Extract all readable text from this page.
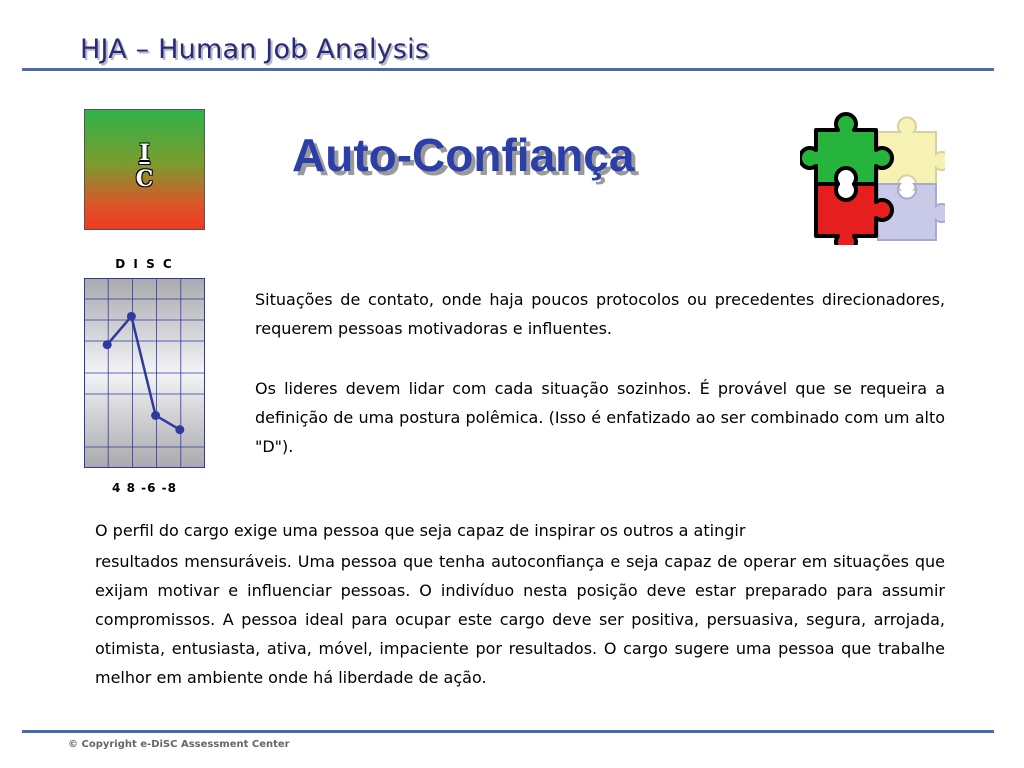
HJA – Human Job Analysis
I
C	Auto-Confiança
D I S C
4 8 -6 -8

Situações de contato, onde haja poucos protocolos ou precedentes direcionadores, requerem pessoas motivadoras e influentes.

Os lideres devem lidar com cada situação sozinhos. É provável que se requeira a definição de uma postura polêmica. (Isso é enfatizado ao ser combinado com um alto "D").

O perfil do cargo exige uma pessoa que seja capaz de inspirar os outros a atingir

resultados mensuráveis. Uma pessoa que tenha autoconfiança e seja capaz de operar em situações que exijam motivar e influenciar pessoas. O indivíduo nesta posição deve estar preparado para assumir compromissos. A pessoa ideal para ocupar este cargo deve ser positiva, persuasiva, segura, arrojada, otimista, entusiasta, ativa, móvel, impaciente por resultados. O cargo sugere uma pessoa que trabalhe melhor em ambiente onde há liberdade de ação.

© Copyright e-DiSC Assessment Center
